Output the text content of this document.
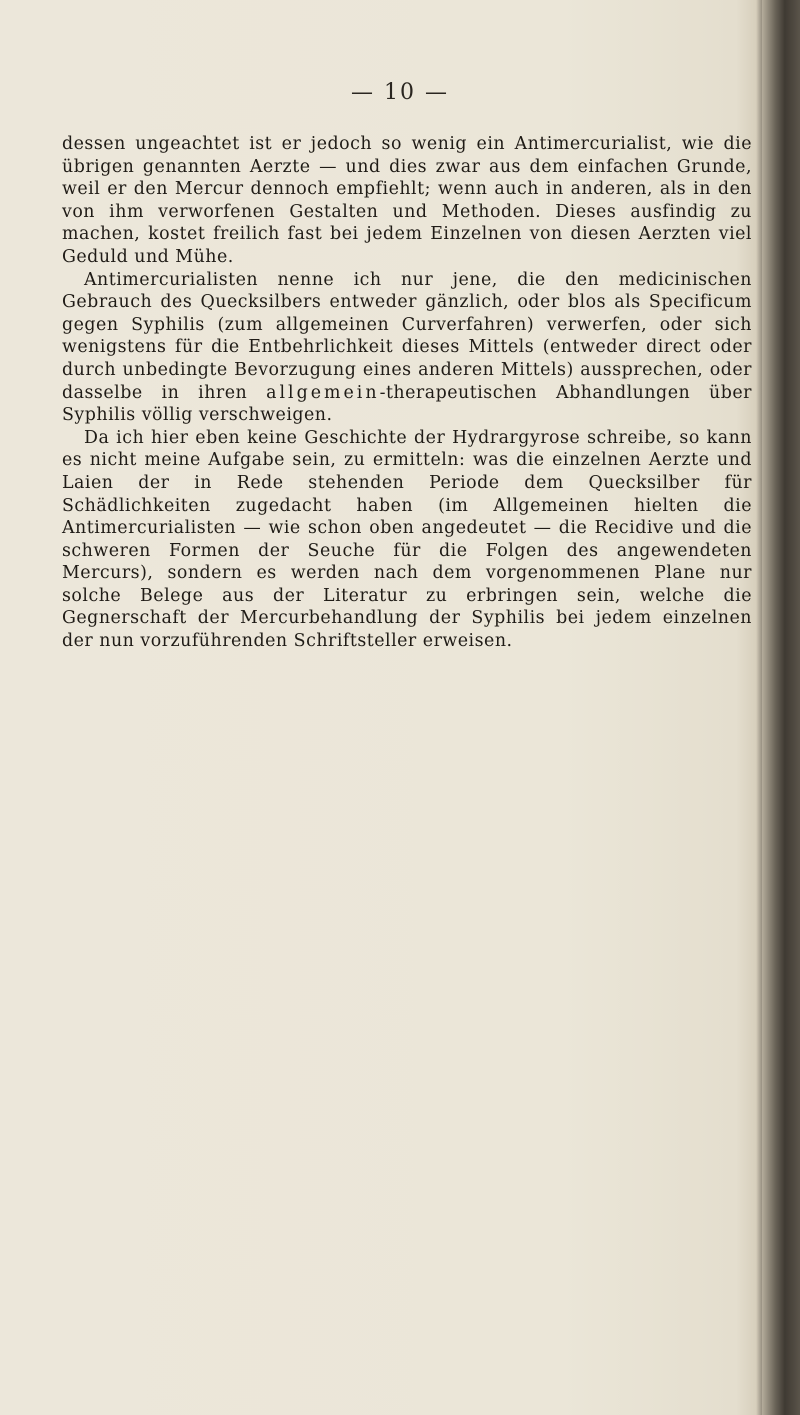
— 10 —

dessen ungeachtet ist er jedoch so wenig ein Antimercurialist, wie die übrigen genannten Aerzte — und dies zwar aus dem einfachen Grunde, weil er den Mercur dennoch empfiehlt; wenn auch in anderen, als in den von ihm verworfenen Gestalten und Methoden. Dieses ausfindig zu machen, kostet freilich fast bei jedem Einzelnen von diesen Aerzten viel Geduld und Mühe.

Antimercurialisten nenne ich nur jene, die den medicinischen Gebrauch des Quecksilbers entweder gänzlich, oder blos als Specificum gegen Syphilis (zum allgemeinen Curverfahren) verwerfen, oder sich wenigstens für die Entbehrlichkeit dieses Mittels (entweder direct oder durch unbedingte Bevorzugung eines anderen Mittels) aussprechen, oder dasselbe in ihren allgemein-therapeutischen Abhandlungen über Syphilis völlig verschweigen.

Da ich hier eben keine Geschichte der Hydrargyrose schreibe, so kann es nicht meine Aufgabe sein, zu ermitteln: was die einzelnen Aerzte und Laien der in Rede stehenden Periode dem Quecksilber für Schädlichkeiten zugedacht haben (im Allgemeinen hielten die Antimercurialisten — wie schon oben angedeutet — die Recidive und die schweren Formen der Seuche für die Folgen des angewendeten Mercurs), sondern es werden nach dem vorgenommenen Plane nur solche Belege aus der Literatur zu erbringen sein, welche die Gegnerschaft der Mercurbehandlung der Syphilis bei jedem einzelnen der nun vorzuführenden Schriftsteller erweisen.
